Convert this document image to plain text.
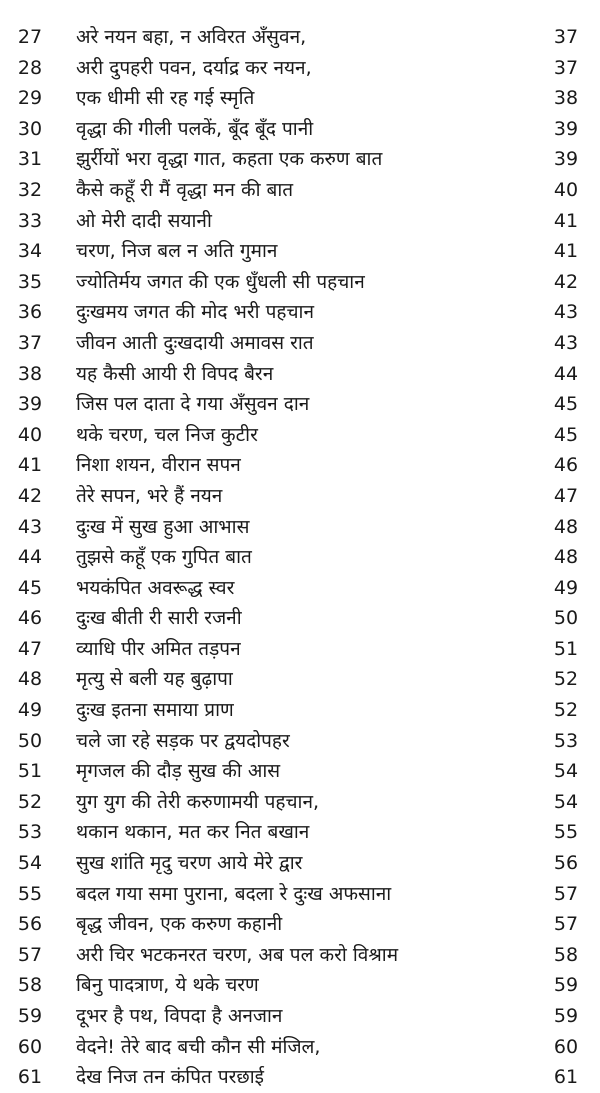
27	अरे नयन बहा, न अविरत अँसुवन,	37
28	अरी दुपहरी पवन, दर्याद्र कर नयन,	37
29	एक धीमी सी रह गई स्मृति	38
30	वृद्धा की गीली पलकें, बूँद बूँद पानी	39
31	झुर्रीयों भरा वृद्धा गात, कहता एक करुण बात	39
32	कैसे कहूँ री मैं वृद्धा मन की बात	40
33	ओ मेरी दादी सयानी	41
34	चरण, निज बल न अति गुमान	41
35	ज्योतिर्मय जगत की एक धुँधली सी पहचान	42
36	दुःखमय जगत की मोद भरी पहचान	43
37	जीवन आती दुःखदायी अमावस रात	43
38	यह कैसी आयी री विपद बैरन	44
39	जिस पल दाता दे गया अँसुवन दान	45
40	थके चरण, चल निज कुटीर	45
41	निशा शयन, वीरान सपन	46
42	तेरे सपन, भरे हैं नयन	47
43	दुःख में सुख हुआ आभास	48
44	तुझसे कहूँ एक गुपित बात	48
45	भयकंपित अवरूद्ध स्वर	49
46	दुःख बीती री सारी रजनी	50
47	व्याधि पीर अमित तड़पन	51
48	मृत्यु से बली यह बुढ़ापा	52
49	दुःख इतना समाया प्राण	52
50	चले जा रहे सड़क पर द्वयदोपहर	53
51	मृगजल की दौड़ सुख की आस	54
52	युग युग की तेरी करुणामयी पहचान,	54
53	थकान थकान, मत कर नित बखान	55
54	सुख शांति मृदु चरण आये मेरे द्वार	56
55	बदल गया समा पुराना, बदला रे दुःख अफसाना	57
56	बृद्ध जीवन, एक करुण कहानी	57
57	अरी चिर भटकनरत चरण, अब पल करो विश्राम	58
58	बिनु पादत्राण, ये थके चरण	59
59	दूभर है पथ, विपदा है अनजान	59
60	वेदने! तेरे बाद बची कौन सी मंजिल,	60
61	देख निज तन कंपित परछाई	61
